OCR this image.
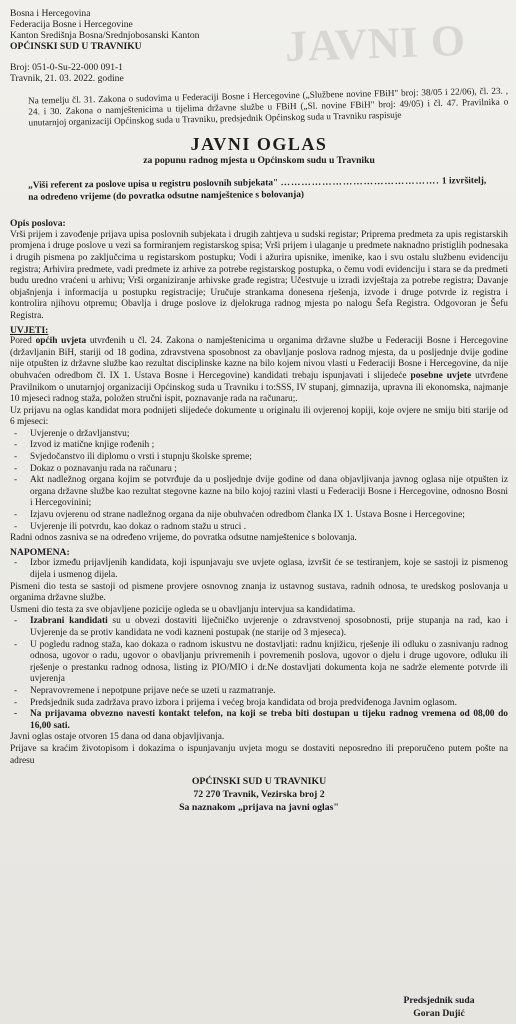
JAVNI O
Bosna i Hercegovina
Federacija Bosne i Hercegovine
Kanton Središnja Bosna/Srednjobosanski Kanton
OPĆINSKI SUD U TRAVNIKU
Broj: 051-0-Su-22-000 091-1
Travnik, 21. 03. 2022. godine

Na temelju čl. 31. Zakona o sudovima u Federaciji Bosne i Hercegovine („Službene novine FBiH" broj: 38/05 i 22/06), čl. 23. , 24. i 30. Zakona o namještenicima u tijelima državne službe u FBiH („Sl. novine FBiH" broj: 49/05) i čl. 47. Pravilnika o unutarnjoj organizaciji Općinskog suda u Travniku, predsjednik Općinskog suda u Travniku raspisuje

JAVNI OGLAS
za popunu radnog mjesta u Općinskom sudu u Travniku
„Viši referent za poslove upisa u registru poslovnih subjekata" ………………………………………. 1 izvršitelj,
na određeno vrijeme (do povratka odsutne namještenice s bolovanja)
Opis poslova:

Vrši prijem i zavođenje prijava upisa poslovnih subjekata i drugih zahtjeva u sudski registar; Priprema predmeta za upis registarskih promjena i druge poslove u vezi sa formiranjem registarskog spisa; Vrši prijem i ulaganje u predmete naknadno pristiglih podnesaka i drugih pismena po zaključcima u registarskom postupku; Vodi i ažurira upisnike, imenike, kao i svu ostalu službenu evidenciju registra; Arhivira predmete, vadi predmete iz arhive za potrebe registarskog postupka, o čemu vodi evidenciju i stara se da predmeti budu uredno vraćeni u arhivu; Vrši organiziranje arhivske građe registra; Učestvuje u izradi izvještaja za potrebe registra; Davanje objašnjenja i informacija u postupku registracije; Uručuje strankama donesena rješenja, izvode i druge potvrde iz registra i kontrolira njihovu otpremu; Obavlja i druge poslove iz djelokruga radnog mjesta po nalogu Šefa Registra. Odgovoran je Šefu Registra.

UVJETI:

Pored općih uvjeta utvrđenih u čl. 24. Zakona o namještenicima u organima državne službe u Federaciji Bosne i Hercegovine (državljanin BiH, stariji od 18 godina, zdravstvena sposobnost za obavljanje poslova radnog mjesta, da u posljednje dvije godine nije otpušten iz državne službe kao rezultat disciplinske kazne na bilo kojem nivou vlasti u Federaciji Bosne i Hercegovine, da nije obuhvaćen odredbom čl. IX 1. Ustava Bosne i Hercegovine) kandidati trebaju ispunjavati i slijedeće posebne uvjete utvrđene Pravilnikom o unutarnjoj organizaciji Općinskog suda u Travniku i to:SSS, IV stupanj, gimnazija, upravna ili ekonomska, najmanje 10 mjeseci radnog staža, položen stručni ispit, poznavanje rada na računaru;.

Uz prijavu na oglas kandidat mora podnijeti slijedeće dokumente u originalu ili ovjerenoj kopiji, koje ovjere ne smiju biti starije od 6 mjeseci:

- Uvjerenje o državljanstvu;
- Izvod iz matične knjige rođenih ;
- Svjedočanstvo ili diplomu o vrsti i stupnju školske spreme;
- Dokaz o poznavanju rada na računaru ;
- Akt nadležnog organa kojim se potvrđuje da u posljednje dvije godine od dana objavljivanja javnog oglasa nije otpušten iz organa državne službe kao rezultat stegovne kazne na bilo kojoj razini vlasti u Federaciji Bosne i Hercegovine, odnosno Bosni i Hercegovinini;
- Izjavu ovjerenu od strane nadležnog organa da nije obuhvaćen odredbom članka IX 1. Ustava Bosne i Hercegovine;
- Uvjerenje ili potvrdu, kao dokaz o radnom stažu u struci .

Radni odnos zasniva se na određeno vrijeme, do povratka odsutne namještenice s bolovanja.

NAPOMENA:
- Izbor između prijavljenih kandidata, koji ispunjavaju sve uvjete oglasa, izvršit će se testiranjem, koje se sastoji iz pismenog dijela i usmenog dijela.

Pismeni dio testa se sastoji od pismene provjere osnovnog znanja iz ustavnog sustava, radnih odnosa, te uredskog poslovanja u organima državne službe.

Usmeni dio testa za sve objavljene pozicije ogleda se u obavljanju intervjua sa kandidatima.

- Izabrani kandidati su u obvezi dostaviti liječničko uvjerenje o zdravstvenoj sposobnosti, prije stupanja na rad, kao i Uvjerenje da se protiv kandidata ne vodi kazneni postupak (ne starije od 3 mjeseca).
- U pogledu radnog staža, kao dokaza o radnom iskustvu ne dostavljati: radnu knjižicu, rješenje ili odluku o zasnivanju radnog odnosa, ugovor o radu, ugovor o obavljanju privremenih i povremenih poslova, ugovor o djelu i druge ugovore, odluku ili rješenje o prestanku radnog odnosa, listing iz PIO/MIO i dr.Ne dostavljati dokumenta koja ne sadrže elemente potvrde ili uvjerenja
- Nepravovremene i nepotpune prijave neće se uzeti u razmatranje.
- Predsjednik suda zadržava pravo izbora i prijema i većeg broja kandidata od broja predviđenoga Javnim oglasom.
- Na prijavama obvezno navesti kontakt telefon, na koji se treba biti dostupan u tijeku radnog vremena od 08,00 do 16,00 sati.

Javni oglas ostaje otvoren 15 dana od dana objavljivanja.

Prijave sa kraćim životopisom i dokazima o ispunjavanju uvjeta mogu se dostaviti neposredno ili preporučeno putem pošte na adresu

OPĆINSKI SUD U TRAVNIKU
72 270 Travnik, Vezirska broj 2
Sa naznakom „prijava na javni oglas"
Predsjednik suda
Goran Dujić
